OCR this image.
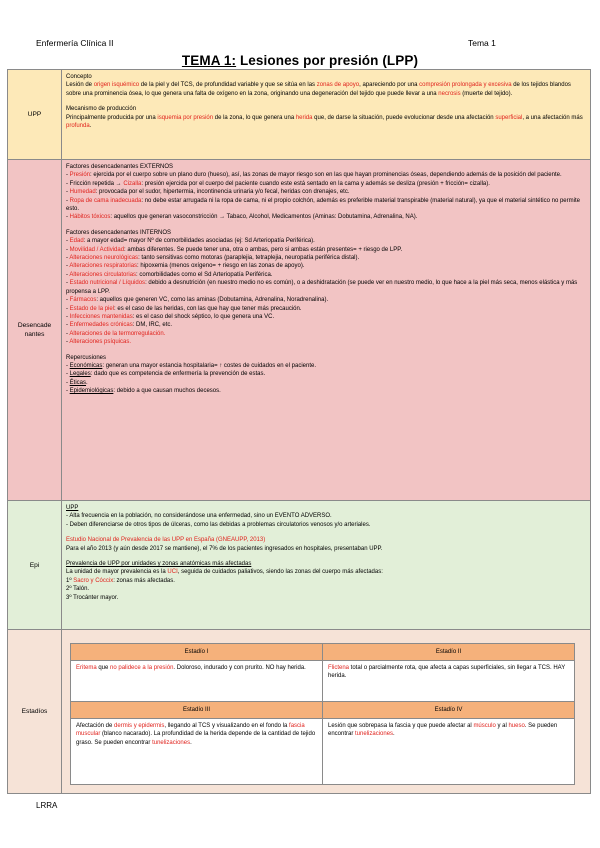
Enfermería Clínica II	Tema 1
TEMA 1: Lesiones por presión (LPP)
UPP
Concepto
Lesión de origen isquémico de la piel y del TCS, de profundidad variable y que se sitúa en las zonas de apoyo, apareciendo por una compresión prolongada y excesiva de los tejidos blandos sobre una prominencia ósea, lo que genera una falta de oxígeno en la zona, originando una degeneración del tejido que puede llevar a una necrosis (muerte del tejido).
Mecanismo de producción
Principalmente producida por una isquemia por presión de la zona, lo que genera una herida que, de darse la situación, puede evolucionar desde una afectación superficial, a una afectación más profunda.
Desencade nantes
Factores desencadenantes EXTERNOS
- Presión: ejercida por el cuerpo sobre un plano duro (hueso), así, las zonas de mayor riesgo son en las que hayan prominencias óseas, dependiendo además de la posición del paciente.
- Fricción repetida → Cizalla: presión ejercida por el cuerpo del paciente cuando este está sentado en la cama y además se desliza (presión + fricción= cizalla).
- Humedad: provocada por el sudor, hipertermia, incontinencia urinaria y/o fecal, heridas con drenajes, etc.
- Ropa de cama inadecuada: no debe estar arrugada ni la ropa de cama, ni el propio colchón, además es preferible material transpirable (material natural), ya que el material sintético no permite esto.
- Hábitos tóxicos: aquellos que generan vasoconstricción → Tabaco, Alcohol, Medicamentos (Aminas: Dobutamina, Adrenalina, NA).
Factores desencadenantes INTERNOS
- Edad: a mayor edad= mayor Nº de comorbilidades asociadas (ej: Sd Arteriopatía Periférica).
- Movilidad / Actividad: ambas diferentes. Se puede tener una, otra o ambas, pero si ambas están presentes= + riesgo de LPP.
- Alteraciones neurológicas: tanto sensitivas como motoras (paraplejia, tetraplejia, neuropatía periférica distal).
- Alteraciones respiratorias: hipoxemia (menos oxígeno= + riesgo en las zonas de apoyo).
- Alteraciones circulatorias: comorbilidades como el Sd Arteriopatía Periférica.
- Estado nutricional / Líquidos: debido a desnutrición (en nuestro medio no es común), o a deshidratación (se puede ver en nuestro medio, lo que hace a la piel más seca, menos elástica y más propensa a LPP.
- Fármacos: aquellos que generen VC, como las aminas (Dobutamina, Adrenalina, Noradrenalina).
- Estado de la piel: es el caso de las heridas, con las que hay que tener más precaución.
- Infecciones mantenidas: es el caso del shock séptico, lo que genera una VC.
- Enfermedades crónicas: DM, IRC, etc.
- Alteraciones de la termorregulación.
- Alteraciones psíquicas.
Repercusiones
- Económicas: generan una mayor estancia hospitalaria= ↑ costes de cuidados en el paciente.
- Legales: dado que es competencia de enfermería la prevención de estas.
- Éticas.
- Epidemiológicas: debido a que causan muchos decesos.
Epi
UPP
- Alta frecuencia en la población, no considerándose una enfermedad, sino un EVENTO ADVERSO.
- Deben diferenciarse de otros tipos de úlceras, como las debidas a problemas circulatorios venosos y/o arteriales.
Estudio Nacional de Prevalencia de las UPP en España (GNEAUPP, 2013)
Para el año 2013 (y aún desde 2017 se mantiene), el 7% de los pacientes ingresados en hospitales, presentaban UPP.
Prevalencia de UPP por unidades y zonas anatómicas más afectadas
La unidad de mayor prevalencia es la UCI, seguida de cuidados paliativos, siendo las zonas del cuerpo más afectadas:
1º Sacro y Cóccix: zonas más afectadas.
2º Talón.
3º Trocánter mayor.
Estadíos
Estadío I	Estadío II
Eritema que no palidece a la presión. Doloroso, indurado y con prurito. NO hay herida.	Flictena total o parcialmente rota, que afecta a capas superficiales, sin llegar a TCS. HAY herida.
Estadío III	Estadío IV
Afectación de dermis y epidermis, llegando al TCS y visualizando en el fondo la fascia muscular (blanco nacarado). La profundidad de la herida depende de la cantidad de tejido graso. Se pueden encontrar tunelizaciones.	Lesión que sobrepasa la fascia y que puede afectar al músculo y al hueso. Se pueden encontrar tunelizaciones.
LRRA
